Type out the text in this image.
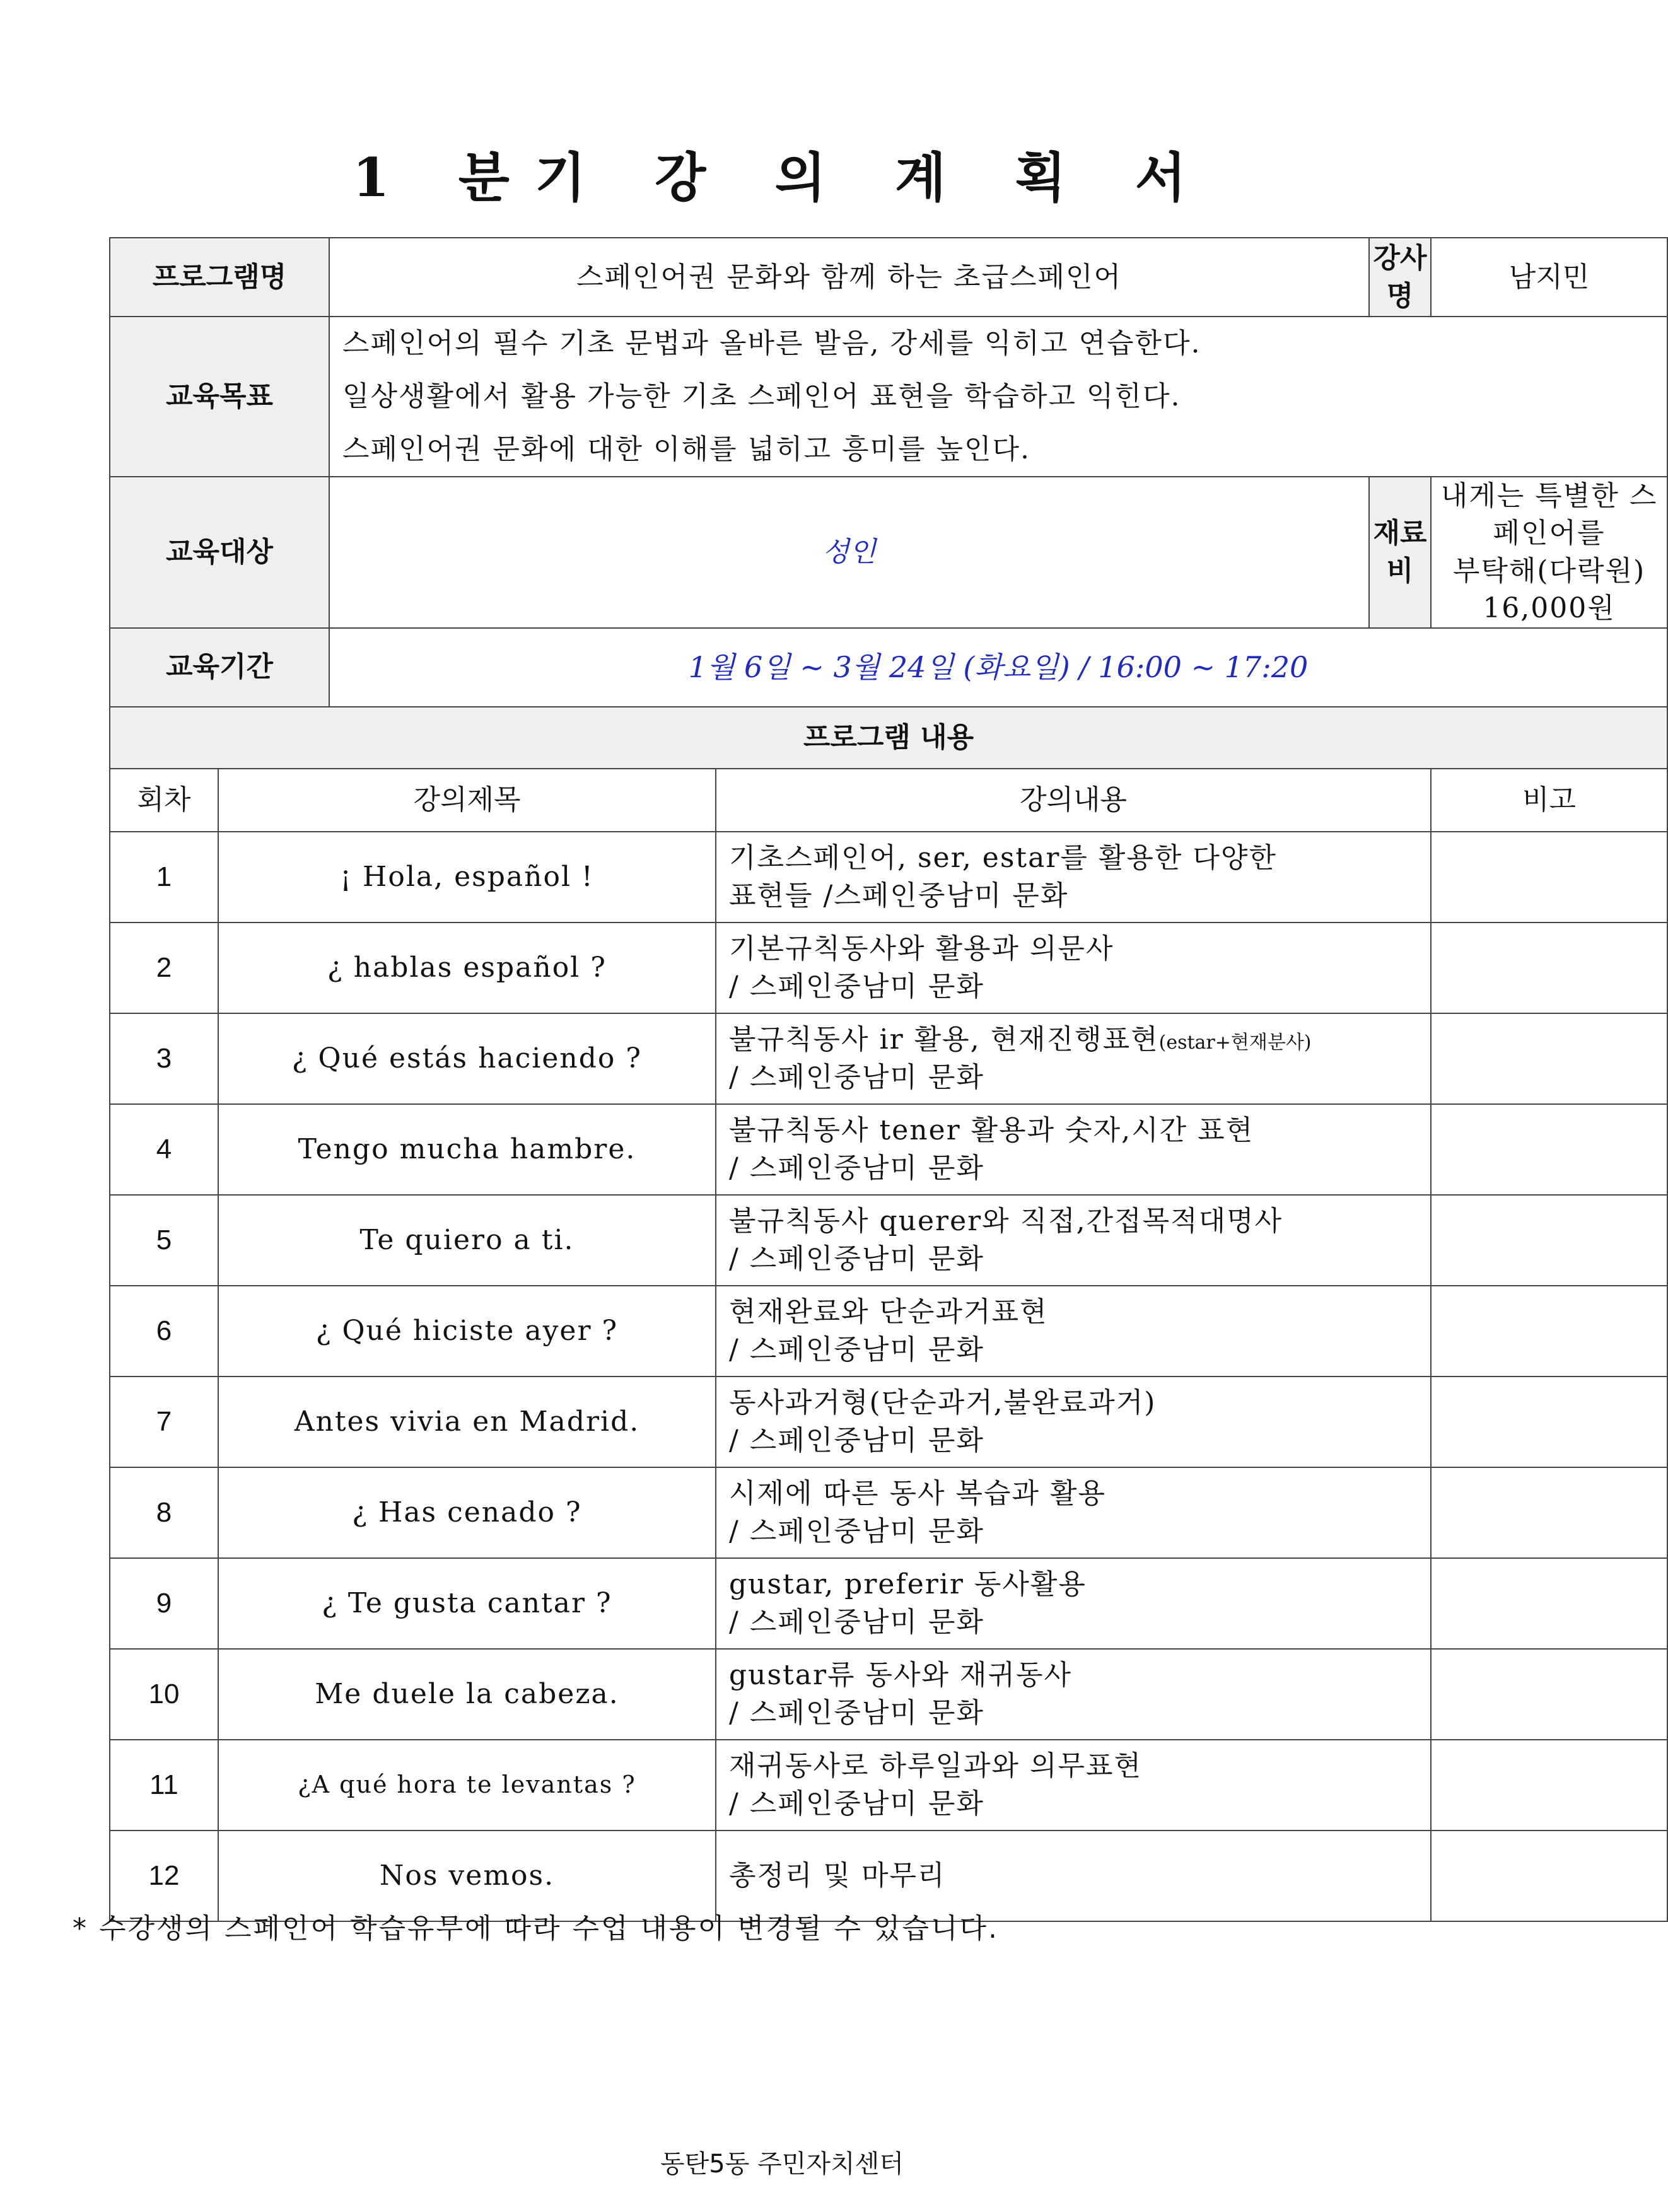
1 분기 강 의 계 획 서
프로그램명		스페인어권 문화와 함께 하는 초급스페인어		강사명	남지민
교육목표		스페인어의 필수 기초 문법과 올바른 발음, 강세를 익히고 연습한다.
일상생활에서 활용 가능한 기초 스페인어 표현을 학습하고 익힌다.
스페인어권 문화에 대한 이해를 넓히고 흥미를 높인다.			

교육대상		성인		재료비	내게는 특별한 스페인어를
부탁해(다락원) 16,000원

교육기간		1월 6일 ~ 3월 24일 (화요일) / 16:00 ~ 17:20			
프로그램 내용					
회차	강의제목		강의내용		비고
1	¡ Hola, español !		기초스페인어, ser, estar를 활용한 다양한
표현들 /스페인중남미 문화		

2	¿ hablas español ?		기본규칙동사와 활용과 의문사
/ 스페인중남미 문화		

3	¿ Qué estás haciendo ?		불규칙동사 ir 활용, 현재진행표현(estar+현재분사)
/ 스페인중남미 문화		

4	Tengo mucha hambre.		불규칙동사 tener 활용과 숫자,시간 표현
/ 스페인중남미 문화		

5	Te quiero a ti.		불규칙동사 querer와 직접,간접목적대명사
/ 스페인중남미 문화		

6	¿ Qué hiciste ayer ?		현재완료와 단순과거표현
/ 스페인중남미 문화		

7	Antes vivia en Madrid.		동사과거형(단순과거,불완료과거)
/ 스페인중남미 문화		

8	¿ Has cenado ?		시제에 따른 동사 복습과 활용
/ 스페인중남미 문화		

9	¿ Te gusta cantar ?		gustar, preferir 동사활용
/ 스페인중남미 문화		

10	Me duele la cabeza.		gustar류 동사와 재귀동사
/ 스페인중남미 문화		

11	¿A qué hora te levantas ?		재귀동사로 하루일과와 의무표현
/ 스페인중남미 문화		

12	Nos vemos.		총정리 및 마무리		

* 수강생의 스페인어 학습유무에 따라 수업 내용이 변경될 수 있습니다.
동탄5동 주민자치센터
